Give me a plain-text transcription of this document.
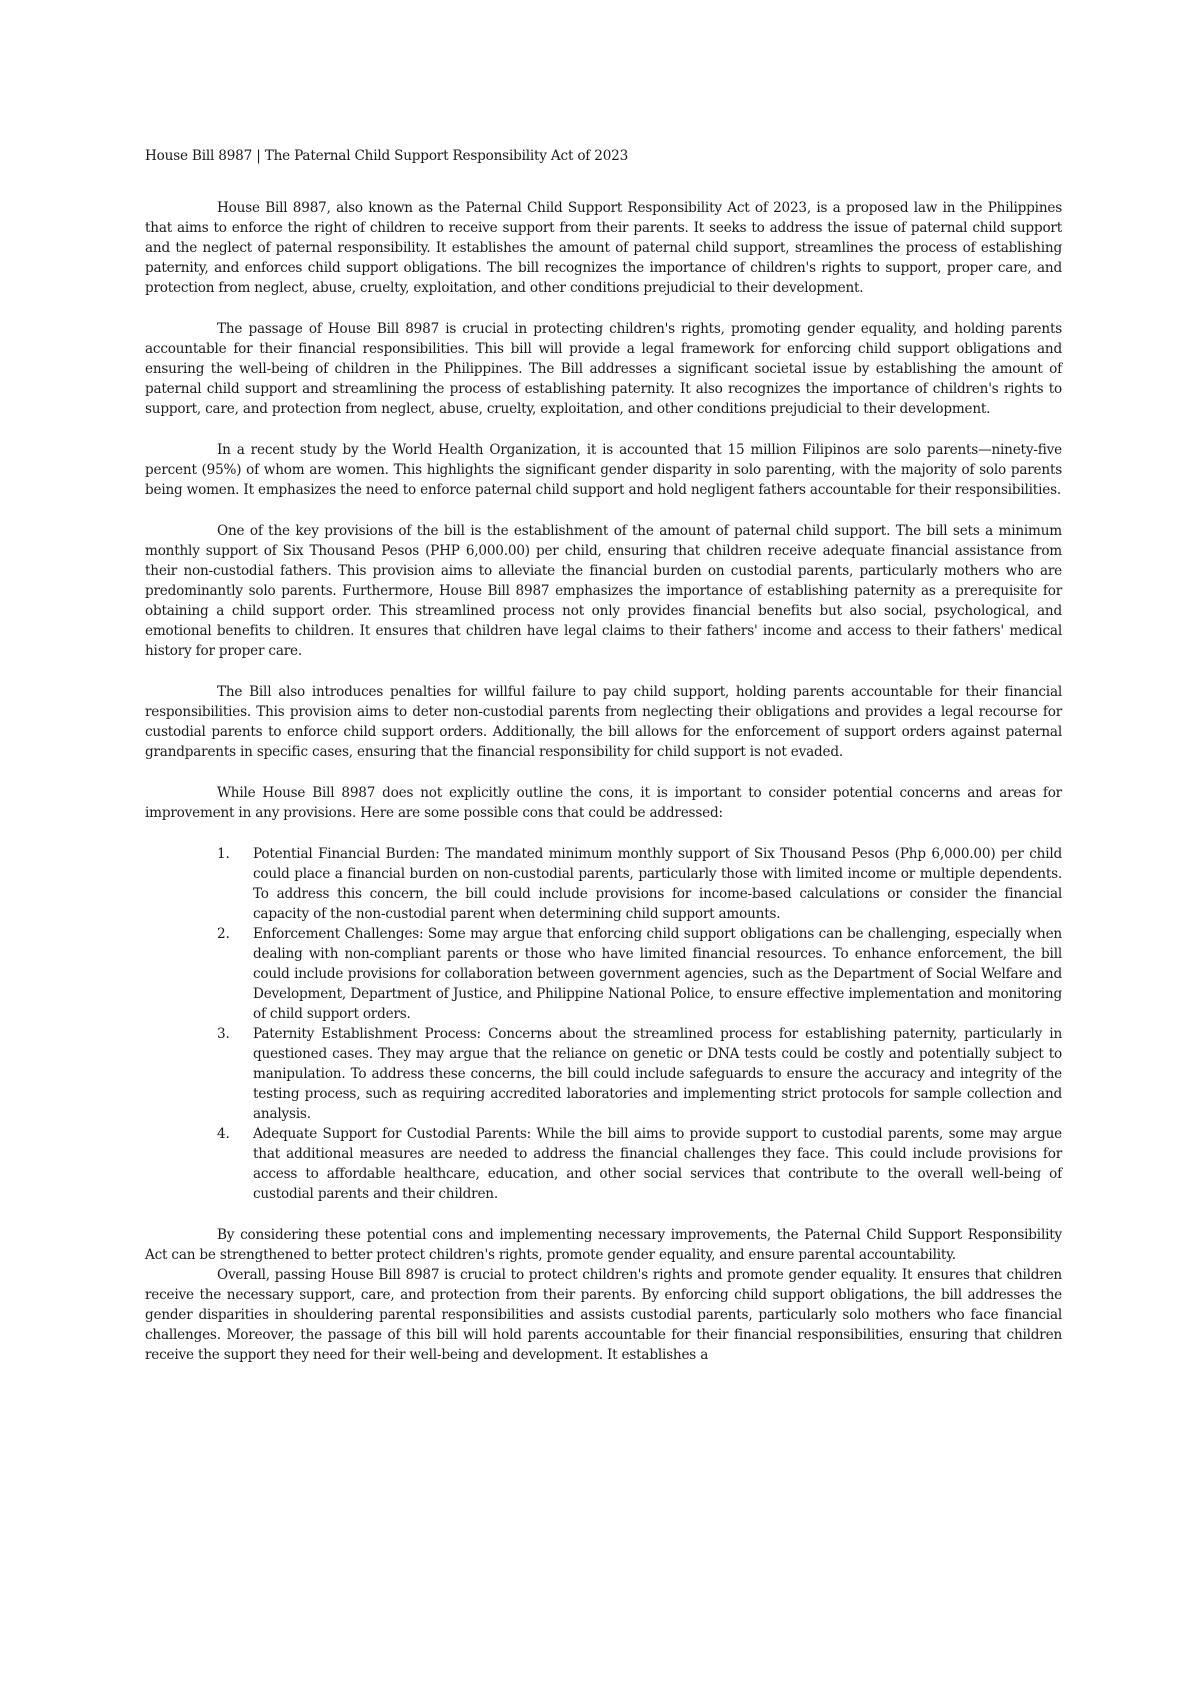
House Bill 8987 | The Paternal Child Support Responsibility Act of 2023

House Bill 8987, also known as the Paternal Child Support Responsibility Act of 2023, is a proposed law in the Philippines that aims to enforce the right of children to receive support from their parents. It seeks to address the issue of paternal child support and the neglect of paternal responsibility. It establishes the amount of paternal child support, streamlines the process of establishing paternity, and enforces child support obligations. The bill recognizes the importance of children's rights to support, proper care, and protection from neglect, abuse, cruelty, exploitation, and other conditions prejudicial to their development.

The passage of House Bill 8987 is crucial in protecting children's rights, promoting gender equality, and holding parents accountable for their financial responsibilities. This bill will provide a legal framework for enforcing child support obligations and ensuring the well-being of children in the Philippines. The Bill addresses a significant societal issue by establishing the amount of paternal child support and streamlining the process of establishing paternity. It also recognizes the importance of children's rights to support, care, and protection from neglect, abuse, cruelty, exploitation, and other conditions prejudicial to their development.

In a recent study by the World Health Organization, it is accounted that 15 million Filipinos are solo parents—ninety-five percent (95%) of whom are women. This highlights the significant gender disparity in solo parenting, with the majority of solo parents being women. It emphasizes the need to enforce paternal child support and hold negligent fathers accountable for their responsibilities.

One of the key provisions of the bill is the establishment of the amount of paternal child support. The bill sets a minimum monthly support of Six Thousand Pesos (PHP 6,000.00) per child, ensuring that children receive adequate financial assistance from their non-custodial fathers. This provision aims to alleviate the financial burden on custodial parents, particularly mothers who are predominantly solo parents. Furthermore, House Bill 8987 emphasizes the importance of establishing paternity as a prerequisite for obtaining a child support order. This streamlined process not only provides financial benefits but also social, psychological, and emotional benefits to children. It ensures that children have legal claims to their fathers' income and access to their fathers' medical history for proper care.

The Bill also introduces penalties for willful failure to pay child support, holding parents accountable for their financial responsibilities. This provision aims to deter non-custodial parents from neglecting their obligations and provides a legal recourse for custodial parents to enforce child support orders. Additionally, the bill allows for the enforcement of support orders against paternal grandparents in specific cases, ensuring that the financial responsibility for child support is not evaded.

While House Bill 8987 does not explicitly outline the cons, it is important to consider potential concerns and areas for improvement in any provisions. Here are some possible cons that could be addressed:

1.	Potential Financial Burden: The mandated minimum monthly support of Six Thousand Pesos (Php 6,000.00) per child could place a financial burden on non-custodial parents, particularly those with limited income or multiple dependents. To address this concern, the bill could include provisions for income-based calculations or consider the financial capacity of the non-custodial parent when determining child support amounts.
2.	Enforcement Challenges: Some may argue that enforcing child support obligations can be challenging, especially when dealing with non-compliant parents or those who have limited financial resources. To enhance enforcement, the bill could include provisions for collaboration between government agencies, such as the Department of Social Welfare and Development, Department of Justice, and Philippine National Police, to ensure effective implementation and monitoring of child support orders.
3.	Paternity Establishment Process: Concerns about the streamlined process for establishing paternity, particularly in questioned cases. They may argue that the reliance on genetic or DNA tests could be costly and potentially subject to manipulation. To address these concerns, the bill could include safeguards to ensure the accuracy and integrity of the testing process, such as requiring accredited laboratories and implementing strict protocols for sample collection and analysis.
4.	Adequate Support for Custodial Parents: While the bill aims to provide support to custodial parents, some may argue that additional measures are needed to address the financial challenges they face. This could include provisions for access to affordable healthcare, education, and other social services that contribute to the overall well-being of custodial parents and their children.

By considering these potential cons and implementing necessary improvements, the Paternal Child Support Responsibility Act can be strengthened to better protect children's rights, promote gender equality, and ensure parental accountability.

Overall, passing House Bill 8987 is crucial to protect children's rights and promote gender equality. It ensures that children receive the necessary support, care, and protection from their parents. By enforcing child support obligations, the bill addresses the gender disparities in shouldering parental responsibilities and assists custodial parents, particularly solo mothers who face financial challenges. Moreover, the passage of this bill will hold parents accountable for their financial responsibilities, ensuring that children receive the support they need for their well-being and development. It establishes a
